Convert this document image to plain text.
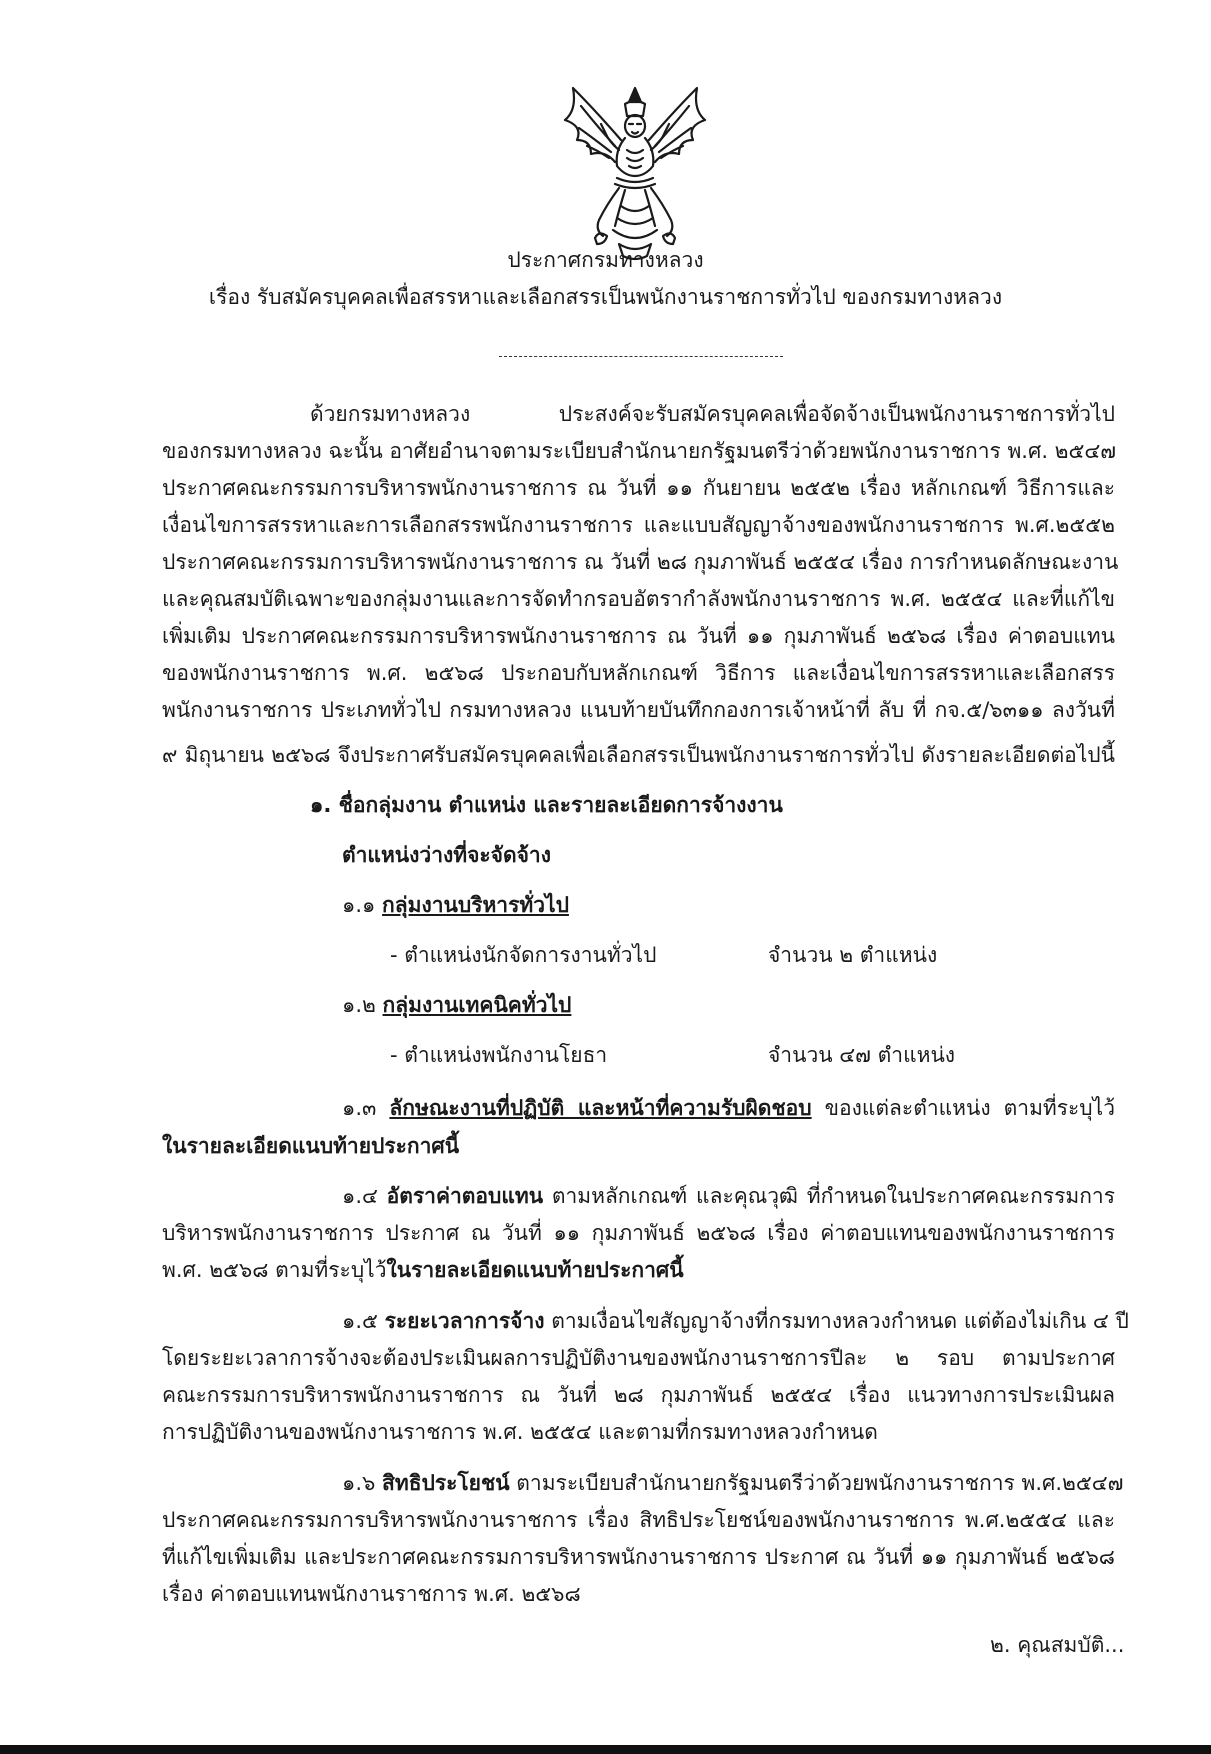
ประกาศกรมทางหลวง
เรื่อง รับสมัครบุคคลเพื่อสรรหาและเลือกสรรเป็นพนักงานราชการทั่วไป ของกรมทางหลวง
ด้วยกรมทางหลวง ประสงค์จะรับสมัครบุคคลเพื่อจัดจ้างเป็นพนักงานราชการทั่วไป
ของกรมทางหลวง ฉะนั้น อาศัยอำนาจตามระเบียบสำนักนายกรัฐมนตรีว่าด้วยพนักงานราชการ พ.ศ. ๒๕๔๗
ประกาศคณะกรรมการบริหารพนักงานราชการ ณ วันที่ ๑๑ กันยายน ๒๕๕๒ เรื่อง หลักเกณฑ์ วิธีการและ
เงื่อนไขการสรรหาและการเลือกสรรพนักงานราชการ และแบบสัญญาจ้างของพนักงานราชการ พ.ศ.๒๕๕๒
ประกาศคณะกรรมการบริหารพนักงานราชการ ณ วันที่ ๒๘ กุมภาพันธ์ ๒๕๕๔ เรื่อง การกำหนดลักษณะงาน
และคุณสมบัติเฉพาะของกลุ่มงานและการจัดทำกรอบอัตรากำลังพนักงานราชการ พ.ศ. ๒๕๕๔ และที่แก้ไข
เพิ่มเติม ประกาศคณะกรรมการบริหารพนักงานราชการ ณ วันที่ ๑๑ กุมภาพันธ์ ๒๕๖๘ เรื่อง ค่าตอบแทน
ของพนักงานราชการ พ.ศ. ๒๕๖๘ ประกอบกับหลักเกณฑ์ วิธีการ และเงื่อนไขการสรรหาและเลือกสรร
พนักงานราชการ ประเภททั่วไป กรมทางหลวง แนบท้ายบันทึกกองการเจ้าหน้าที่ ลับ ที่ กจ.๕/๖๓๑๑ ลงวันที่
๙ มิถุนายน ๒๕๖๘ จึงประกาศรับสมัครบุคคลเพื่อเลือกสรรเป็นพนักงานราชการทั่วไป ดังรายละเอียดต่อไปนี้
๑. ชื่อกลุ่มงาน ตำแหน่ง และรายละเอียดการจ้างงาน
ตำแหน่งว่างที่จะจัดจ้าง
๑.๑ กลุ่มงานบริหารทั่วไป
- ตำแหน่งนักจัดการงานทั่วไป	จำนวน ๒ ตำแหน่ง
๑.๒ กลุ่มงานเทคนิคทั่วไป
- ตำแหน่งพนักงานโยธา	จำนวน ๔๗ ตำแหน่ง
๑.๓ ลักษณะงานที่ปฏิบัติ และหน้าที่ความรับผิดชอบ ของแต่ละตำแหน่ง ตามที่ระบุไว้
ในรายละเอียดแนบท้ายประกาศนี้
๑.๔ อัตราค่าตอบแทน ตามหลักเกณฑ์ และคุณวุฒิ ที่กำหนดในประกาศคณะกรรมการ
บริหารพนักงานราชการ ประกาศ ณ วันที่ ๑๑ กุมภาพันธ์ ๒๕๖๘ เรื่อง ค่าตอบแทนของพนักงานราชการ
พ.ศ. ๒๕๖๘ ตามที่ระบุไว้ในรายละเอียดแนบท้ายประกาศนี้
๑.๕ ระยะเวลาการจ้าง ตามเงื่อนไขสัญญาจ้างที่กรมทางหลวงกำหนด แต่ต้องไม่เกิน ๔ ปี
โดยระยะเวลาการจ้างจะต้องประเมินผลการปฏิบัติงานของพนักงานราชการปีละ ๒ รอบ ตามประกาศ
คณะกรรมการบริหารพนักงานราชการ ณ วันที่ ๒๘ กุมภาพันธ์ ๒๕๕๔ เรื่อง แนวทางการประเมินผล
การปฏิบัติงานของพนักงานราชการ พ.ศ. ๒๕๕๔ และตามที่กรมทางหลวงกำหนด
๑.๖ สิทธิประโยชน์ ตามระเบียบสำนักนายกรัฐมนตรีว่าด้วยพนักงานราชการ พ.ศ.๒๕๔๗
ประกาศคณะกรรมการบริหารพนักงานราชการ เรื่อง สิทธิประโยชน์ของพนักงานราชการ พ.ศ.๒๕๕๔ และ
ที่แก้ไขเพิ่มเติม และประกาศคณะกรรมการบริหารพนักงานราชการ ประกาศ ณ วันที่ ๑๑ กุมภาพันธ์ ๒๕๖๘
เรื่อง ค่าตอบแทนพนักงานราชการ พ.ศ. ๒๕๖๘
๒. คุณสมบัติ...
